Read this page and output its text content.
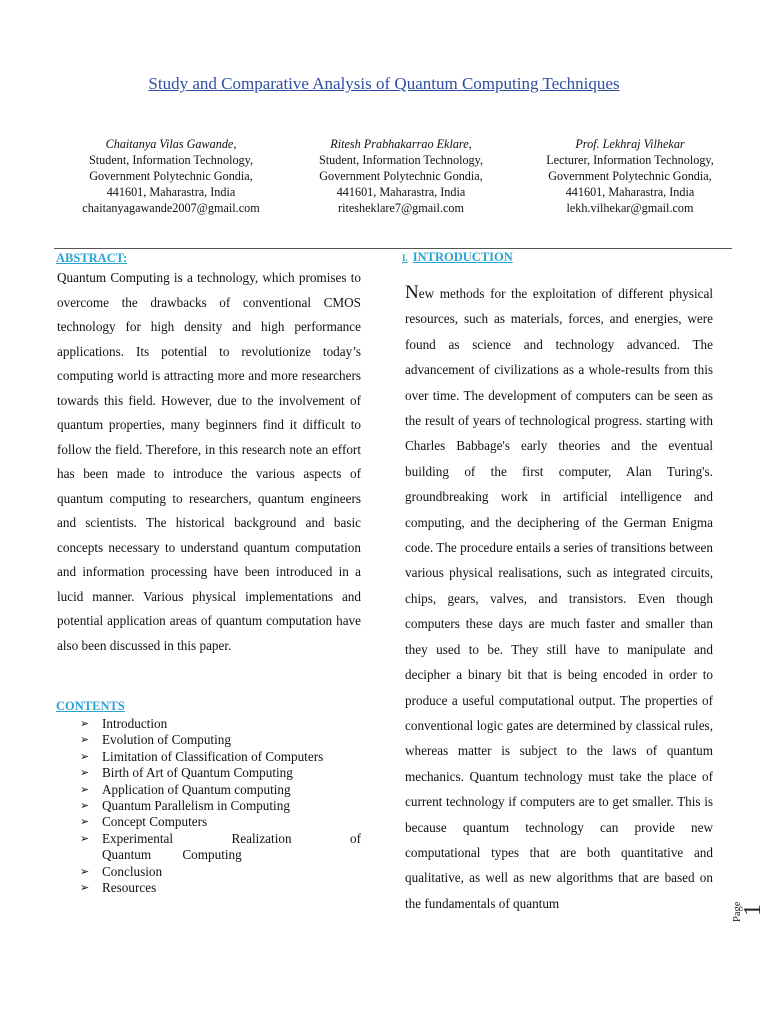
Study and Comparative Analysis of Quantum Computing Techniques
Chaitanya Vilas Gawande,
Student, Information Technology,
Government Polytechnic Gondia,
441601, Maharastra, India
chaitanyagawande2007@gmail.com
Ritesh Prabhakarrao Eklare,
Student, Information Technology,
Government Polytechnic Gondia,
441601, Maharastra, India
ritesheklare7@gmail.com
Prof. Lekhraj Vilhekar
Lecturer, Information Technology,
Government Polytechnic Gondia,
441601, Maharastra, India
lekh.vilhekar@gmail.com
ABSTRACT:
Quantum Computing is a technology, which promises to overcome the drawbacks of conventional CMOS technology for high density and high performance applications. Its potential to revolutionize today’s computing world is attracting more and more researchers towards this field. However, due to the involvement of quantum properties, many beginners find it difficult to follow the field. Therefore, in this research note an effort has been made to introduce the various aspects of quantum computing to researchers, quantum engineers and scientists. The historical background and basic concepts necessary to understand quantum computation and information processing have been introduced in a lucid manner. Various physical implementations and potential application areas of quantum computation have also been discussed in this paper.
CONTENTS
➢ Introduction
➢ Evolution of Computing
➢ Limitation of Classification of Computers
➢ Birth of Art of Quantum Computing
➢ Application of Quantum computing
➢ Quantum Parallelism in Computing
➢ Concept Computers
➢ Experimental Realization of Quantum Computing
➢ Conclusion
➢ Resources
I. INTRODUCTION
New methods for the exploitation of different physical resources, such as materials, forces, and energies, were found as science and technology advanced. The advancement of civilizations as a whole-results from this over time. The development of computers can be seen as the result of years of technological progress. starting with Charles Babbage's early theories and the eventual building of the first computer, Alan Turing's. groundbreaking work in artificial intelligence and computing, and the deciphering of the German Enigma code. The procedure entails a series of transitions between various physical realisations, such as integrated circuits, chips, gears, valves, and transistors. Even though computers these days are much faster and smaller than they used to be. They still have to manipulate and decipher a binary bit that is being encoded in order to produce a useful computational output. The properties of conventional logic gates are determined by classical rules, whereas matter is subject to the laws of quantum mechanics. Quantum technology must take the place of current technology if computers are to get smaller. This is because quantum technology can provide new computational types that are both quantitative and qualitative, as well as new algorithms that are based on the fundamentals of quantum	Page
1
